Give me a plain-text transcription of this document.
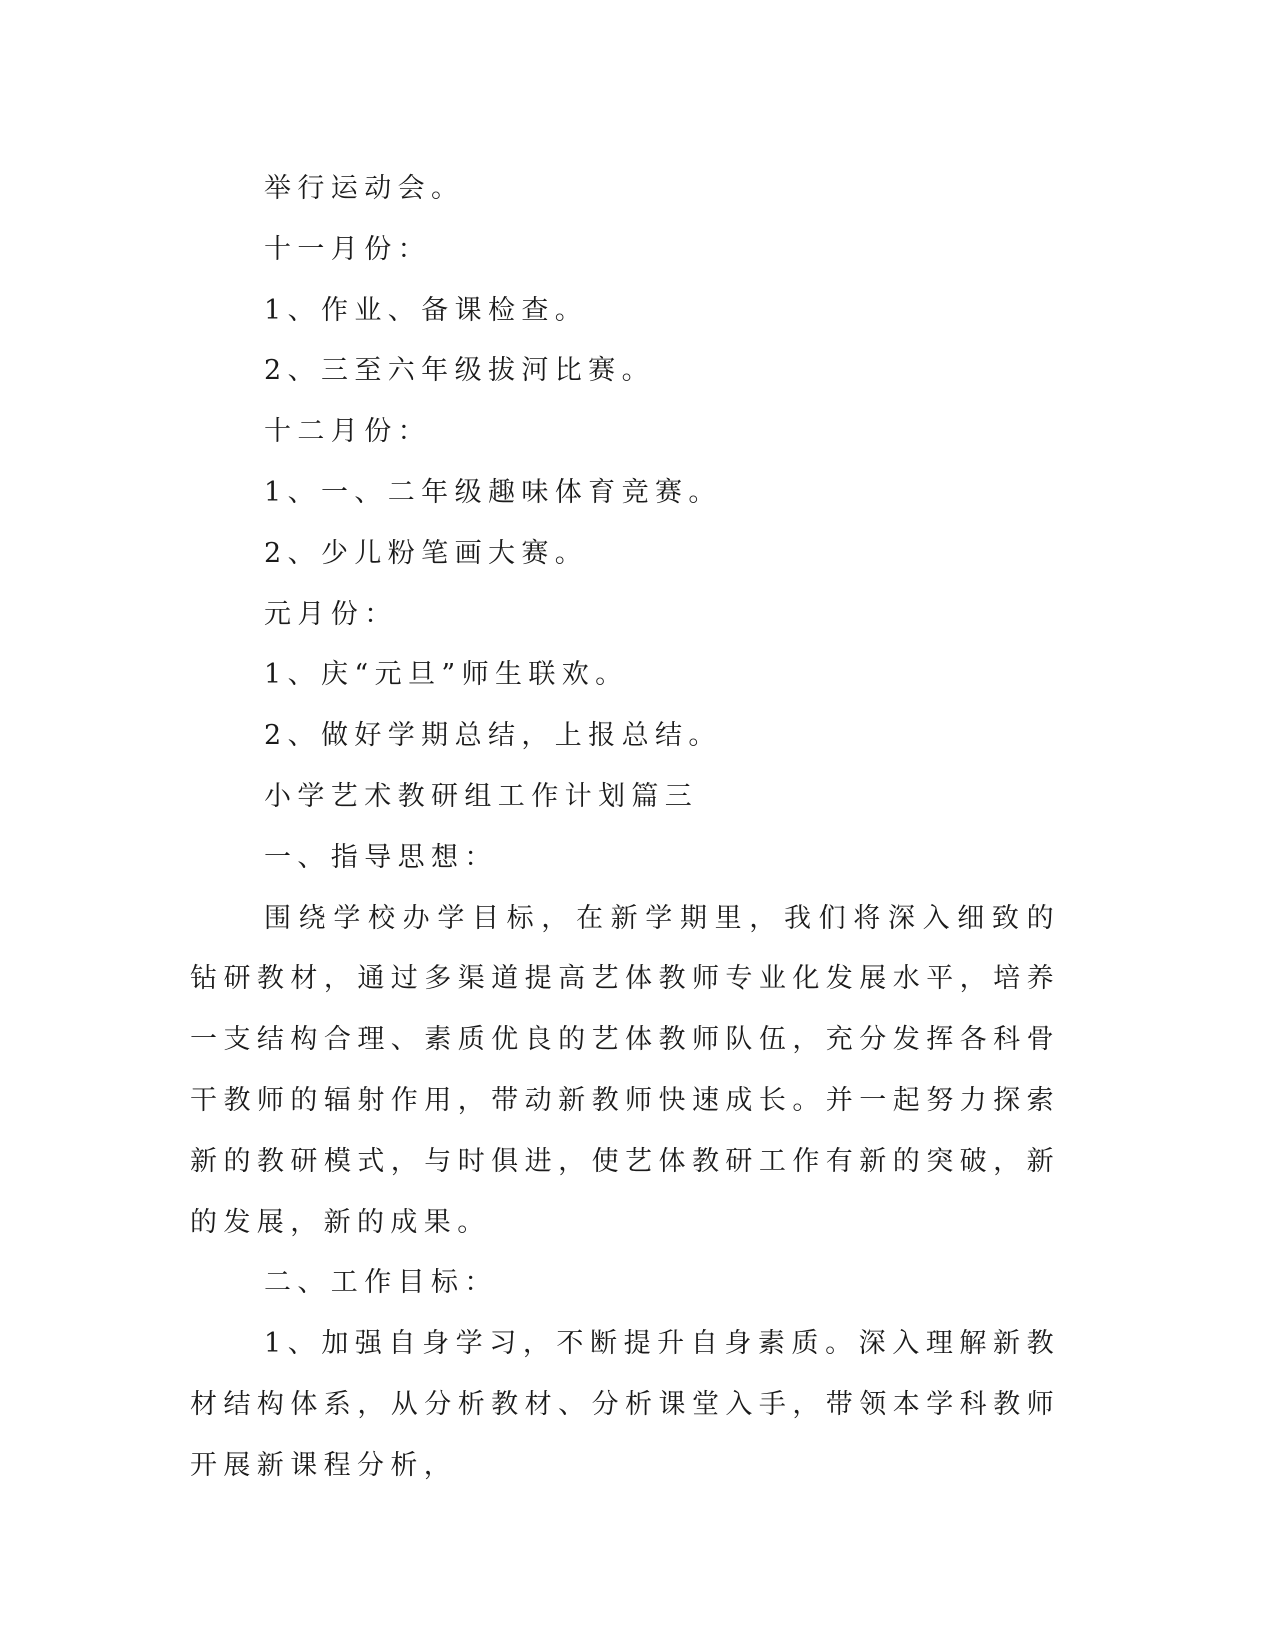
举行运动会。

十一月份：

1、作业、备课检查。

2、三至六年级拔河比赛。

十二月份：

1、一、二年级趣味体育竞赛。

2、少儿粉笔画大赛。

元月份：

1、庆“元旦”师生联欢。

2、做好学期总结，上报总结。

小学艺术教研组工作计划篇三

一、指导思想：

围绕学校办学目标，在新学期里，我们将深入细致的钻研教材，通过多渠道提高艺体教师专业化发展水平，培养一支结构合理、素质优良的艺体教师队伍，充分发挥各科骨干教师的辐射作用，带动新教师快速成长。并一起努力探索新的教研模式，与时俱进，使艺体教研工作有新的突破，新的发展，新的成果。

二、工作目标：

1、加强自身学习，不断提升自身素质。深入理解新教材结构体系，从分析教材、分析课堂入手，带领本学科教师开展新课程分析，
